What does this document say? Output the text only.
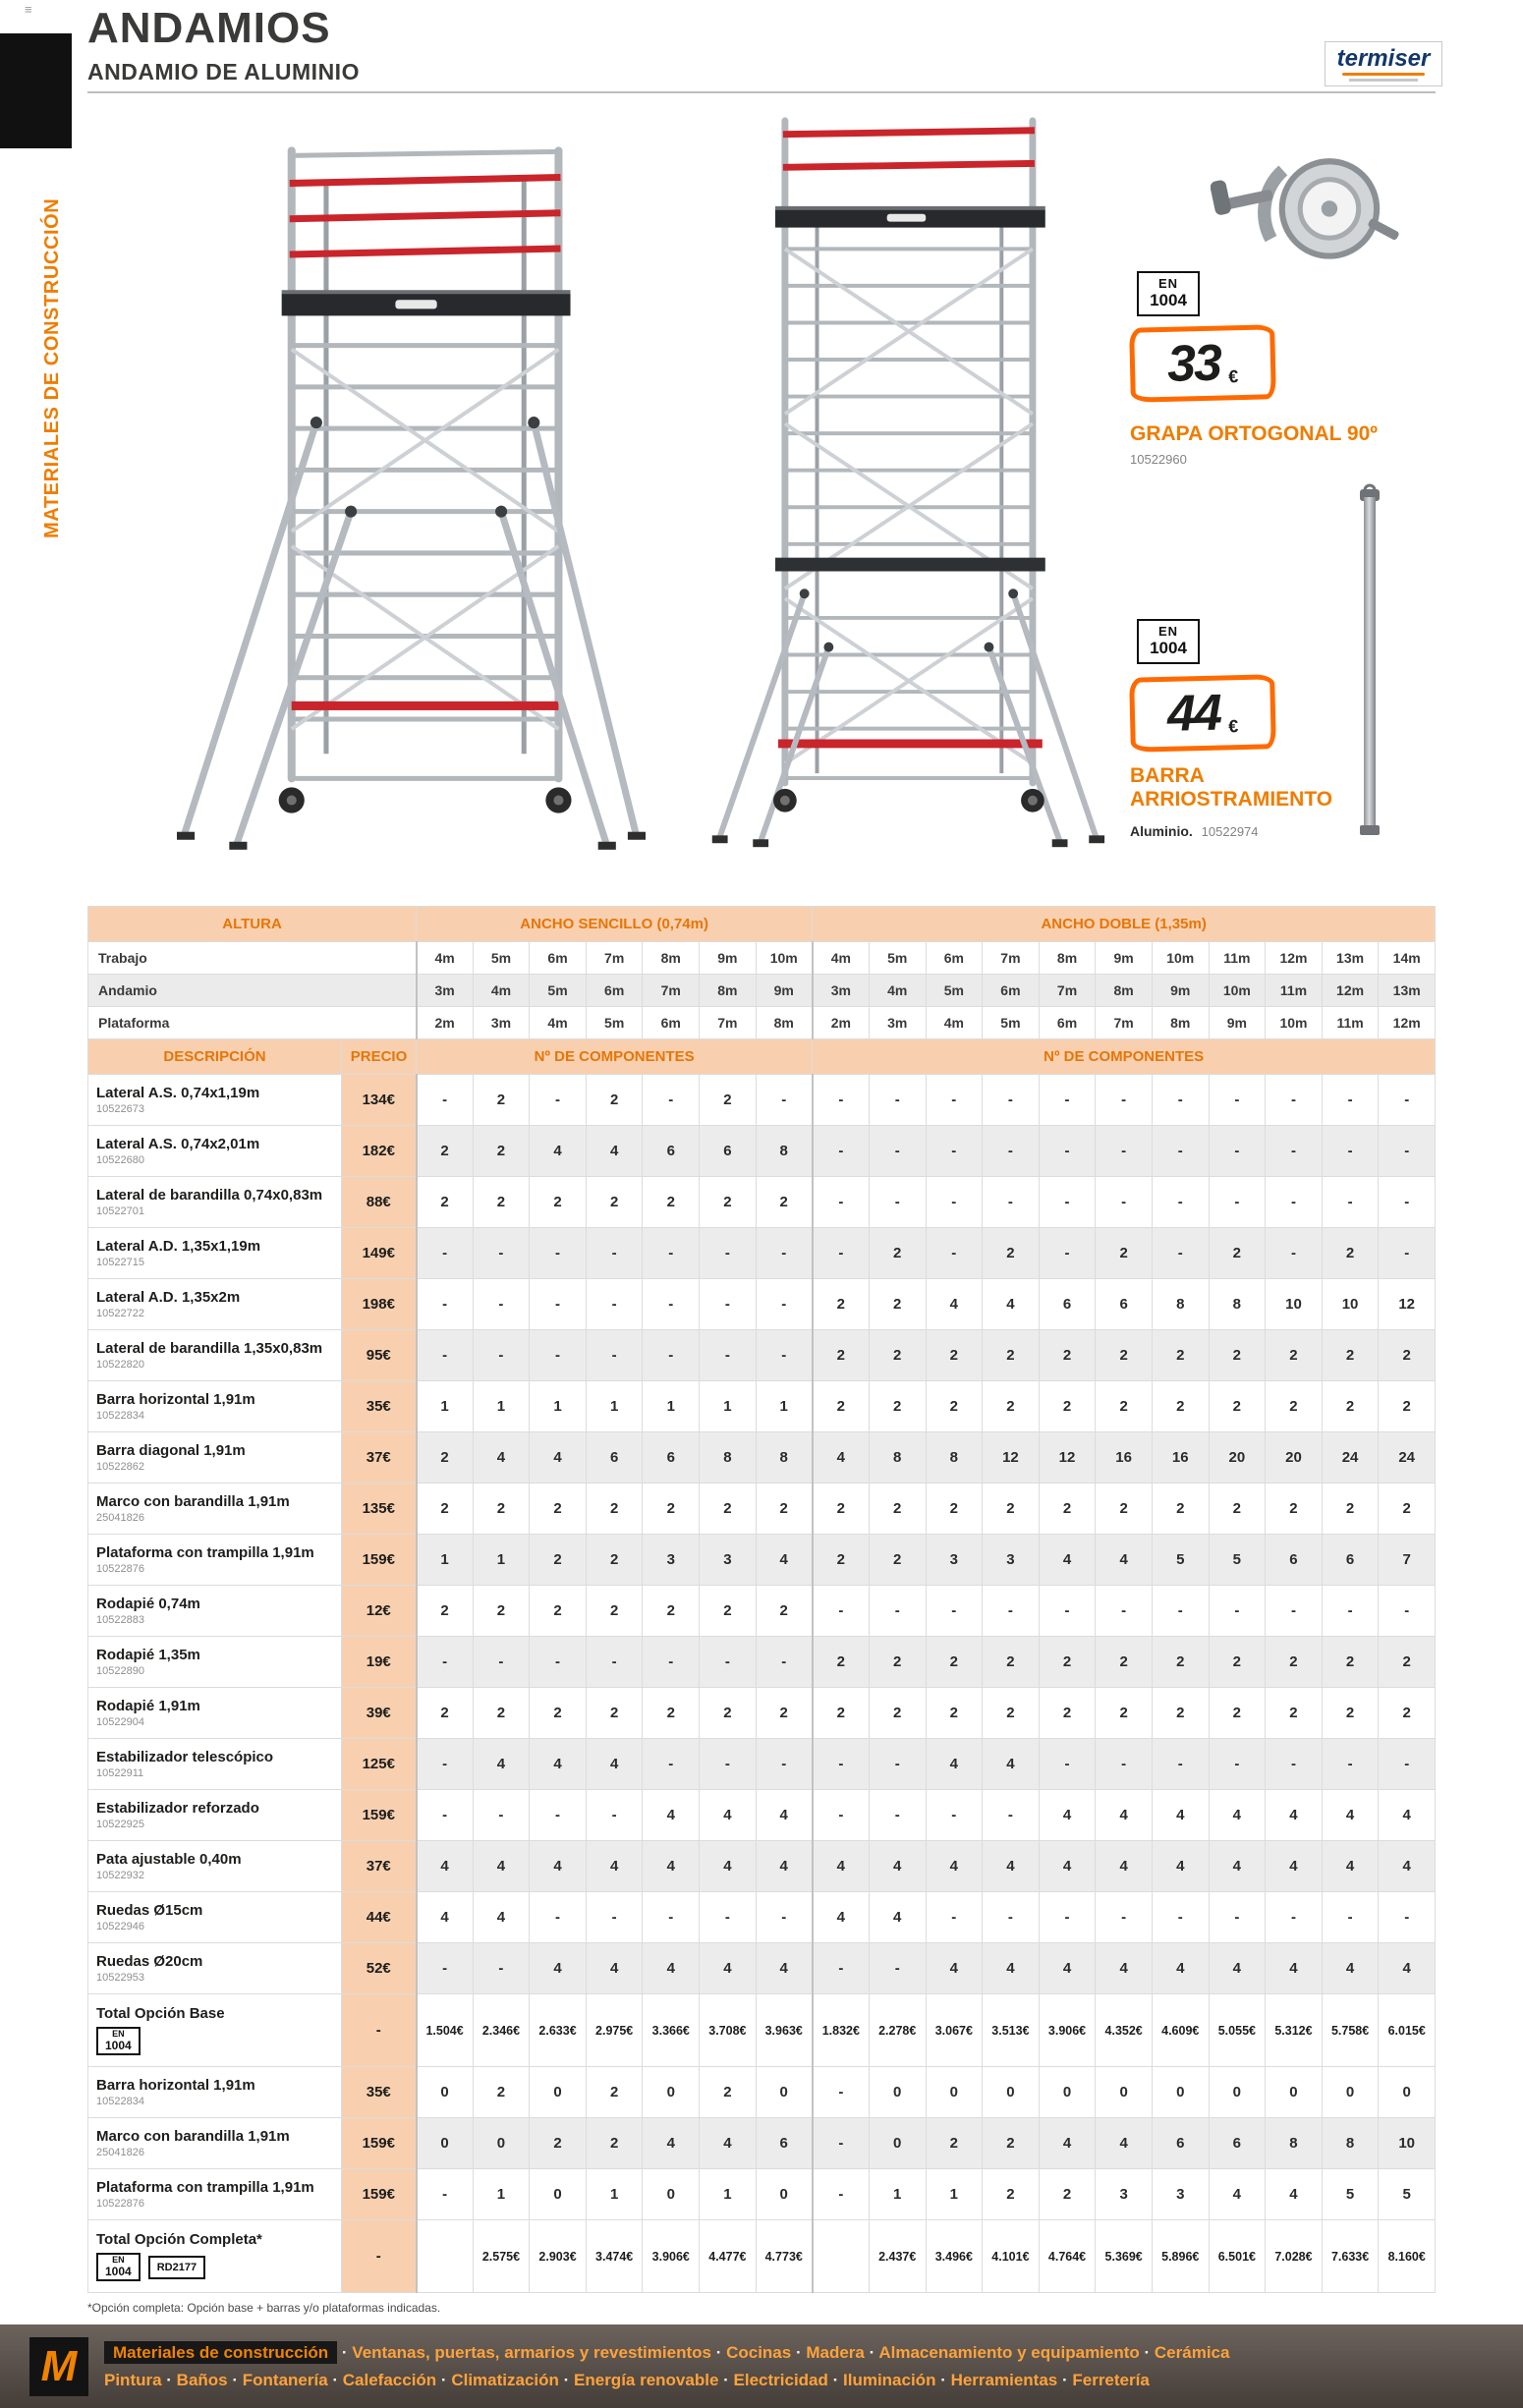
≡ ANDAMIOS
ANDAMIO DE ALUMINIO
termiser
MATERIALES DE CONSTRUCCIÓN	EN
1004
33 €
GRAPA ORTOGONAL 90º
10522960
EN
1004
44 €
BARRA ARRIOSTRAMIENTO
Aluminio. 10522974
ALTURA		ANCHO SENCILLO (0,74m)							ANCHO DOBLE (1,35m)										
Trabajo		4m	5m	6m	7m	8m	9m	10m	4m	5m	6m	7m	8m	9m	10m	11m	12m	13m	14m
Andamio		3m	4m	5m	6m	7m	8m	9m	3m	4m	5m	6m	7m	8m	9m	10m	11m	12m	13m
Plataforma		2m	3m	4m	5m	6m	7m	8m	2m	3m	4m	5m	6m	7m	8m	9m	10m	11m	12m
DESCRIPCIÓN	PRECIO	Nº DE COMPONENTES							Nº DE COMPONENTES										

Lateral A.S. 0,74x1,19m
10522673	134€	-	2	-	2	-	2	-	-	-	-	-	-	-	-	-	-	-	-

Lateral A.S. 0,74x2,01m
10522680	182€	2	2	4	4	6	6	8	-	-	-	-	-	-	-	-	-	-	-

Lateral de barandilla 0,74x0,83m
10522701	88€	2	2	2	2	2	2	2	-	-	-	-	-	-	-	-	-	-	-

Lateral A.D. 1,35x1,19m
10522715	149€	-	-	-	-	-	-	-	-	2	-	2	-	2	-	2	-	2	-

Lateral A.D. 1,35x2m
10522722	198€	-	-	-	-	-	-	-	2	2	4	4	6	6	8	8	10	10	12

Lateral de barandilla 1,35x0,83m
10522820	95€	-	-	-	-	-	-	-	2	2	2	2	2	2	2	2	2	2	2

Barra horizontal 1,91m
10522834	35€	1	1	1	1	1	1	1	2	2	2	2	2	2	2	2	2	2	2

Barra diagonal 1,91m
10522862	37€	2	4	4	6	6	8	8	4	8	8	12	12	16	16	20	20	24	24

Marco con barandilla 1,91m
25041826	135€	2	2	2	2	2	2	2	2	2	2	2	2	2	2	2	2	2	2

Plataforma con trampilla 1,91m
10522876	159€	1	1	2	2	3	3	4	2	2	3	3	4	4	5	5	6	6	7

Rodapié 0,74m
10522883	12€	2	2	2	2	2	2	2	-	-	-	-	-	-	-	-	-	-	-

Rodapié 1,35m
10522890	19€	-	-	-	-	-	-	-	2	2	2	2	2	2	2	2	2	2	2

Rodapié 1,91m
10522904	39€	2	2	2	2	2	2	2	2	2	2	2	2	2	2	2	2	2	2

Estabilizador telescópico
10522911	125€	-	4	4	4	-	-	-	-	-	4	4	-	-	-	-	-	-	-

Estabilizador reforzado
10522925	159€	-	-	-	-	4	4	4	-	-	-	-	4	4	4	4	4	4	4

Pata ajustable 0,40m
10522932	37€	4	4	4	4	4	4	4	4	4	4	4	4	4	4	4	4	4	4

Ruedas Ø15cm
10522946	44€	4	4	-	-	-	-	-	4	4	-	-	-	-	-	-	-	-	-

Ruedas Ø20cm
10522953	52€	-	-	4	4	4	4	4	-	-	4	4	4	4	4	4	4	4	4

Total Opción Base
EN
1004	-	1.504€	2.346€	2.633€	2.975€	3.366€	3.708€	3.963€	1.832€	2.278€	3.067€	3.513€	3.906€	4.352€	4.609€	5.055€	5.312€	5.758€	6.015€

Barra horizontal 1,91m
10522834	35€	0	2	0	2	0	2	0	-	0	0	0	0	0	0	0	0	0	0

Marco con barandilla 1,91m
25041826	159€	0	0	2	2	4	4	6	-	0	2	2	4	4	6	6	8	8	10

Plataforma con trampilla 1,91m
10522876	159€	-	1	0	1	0	1	0	-	1	1	2	2	3	3	4	4	5	5

Total Opción Completa*
EN
1004 RD2177	-		2.575€	2.903€	3.474€	3.906€	4.477€	4.773€		2.437€	3.496€	4.101€	4.764€	5.369€	5.896€	6.501€	7.028€	7.633€	8.160€
*Opción completa: Opción base + barras y/o plataformas indicadas.
M	Materiales de construcción · Ventanas, puertas, armarios y revestimientos · Cocinas · Madera · Almacenamiento y equipamiento · Cerámica
Pintura · Baños · Fontanería · Calefacción · Climatización · Energía renovable · Electricidad · Iluminación · Herramientas · Ferretería
